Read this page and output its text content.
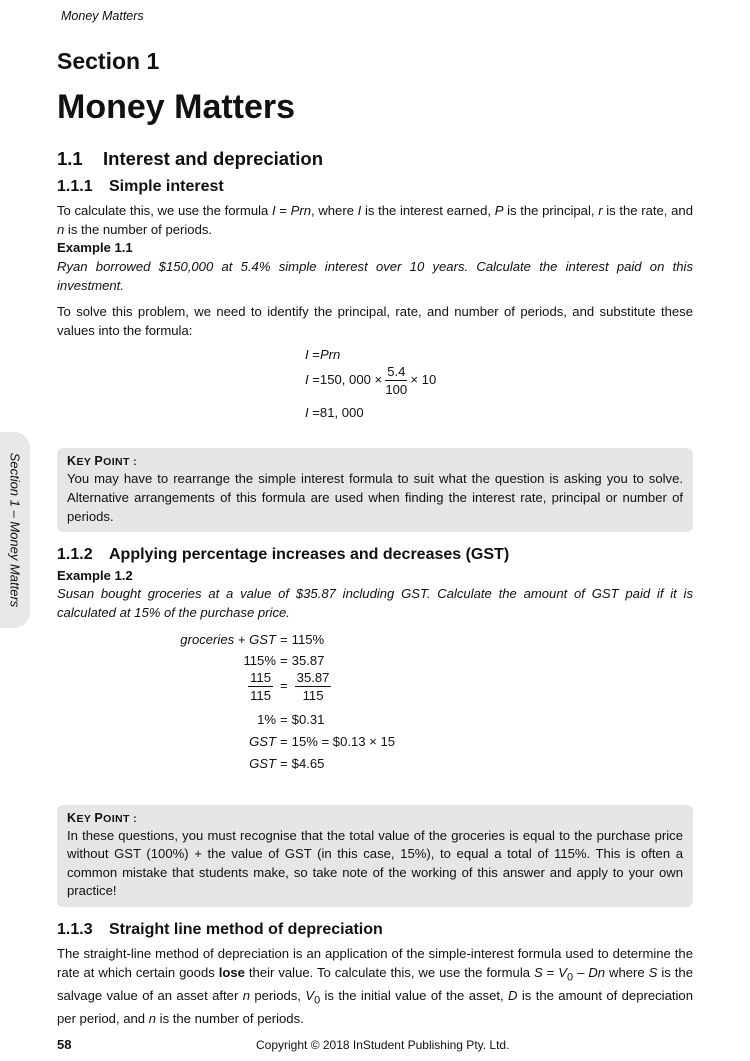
Money Matters
Section 1
Money Matters
Section 1 – Money Matters
1.1 Interest and depreciation
1.1.1 Simple interest

To calculate this, we use the formula I = Prn, where I is the interest earned, P is the principal, r is the rate, and n is the number of periods.

Example 1.1

Ryan borrowed $150,000 at 5.4% simple interest over 10 years. Calculate the interest paid on this investment.

To solve this problem, we need to identify the principal, rate, and number of periods, and substitute these values into the formula:

I =Prn
I =150, $000 \times \frac{5.4}{100} \times 10$
I =81, 000
KEY POINT :
You may have to rearrange the simple interest formula to suit what the question is asking you to solve. Alternative arrangements of this formula are used when finding the interest rate, principal or number of periods.
1.1.2 Applying percentage increases and decreases (GST)
Example 1.2

Susan bought groceries at a value of $35.87 including GST. Calculate the amount of GST paid if it is calculated at 15% of the purchase price.

groceries + GST = 115%
115% = 35.87
$\frac{115}{115} = \frac{35.87}{115}$
1% = $0.31
GST = 15% = $0.13 × 15
GST = $4.65
KEY POINT :
In these questions, you must recognise that the total value of the groceries is equal to the purchase price without GST (100%) + the value of GST (in this case, 15%), to equal a total of 115%. This is often a common mistake that students make, so take note of the working of this answer and apply to your own practice!
1.1.3 Straight line method of depreciation

The straight-line method of depreciation is an application of the simple-interest formula used to determine the rate at which certain goods lose their value. To calculate this, we use the formula $S = V_0 - Dn$ where S is the salvage value of an asset after n periods, $V_0$ is the initial value of the asset, D is the amount of depreciation per period, and n is the number of periods.

58	Copyright © 2018 InStudent Publishing Pty. Ltd.
